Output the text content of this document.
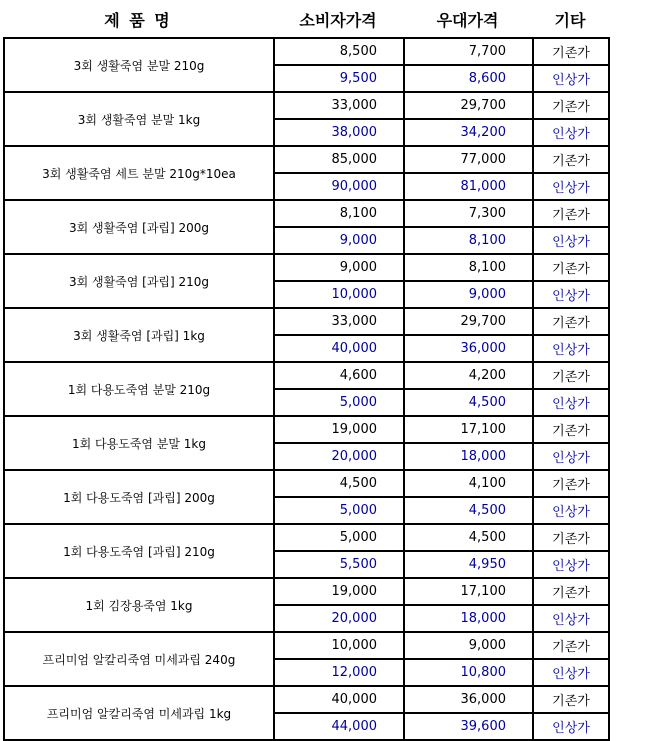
제 품 명	소비자가격	우대가격	기타
3회 생활죽염 분말 210g	8,500	7,700	기존가
	9,500	8,600	인상가
3회 생활죽염 분말 1kg	33,000	29,700	기존가
	38,000	34,200	인상가
3회 생활죽염 세트 분말 210g*10ea	85,000	77,000	기존가
	90,000	81,000	인상가
3회 생활죽염 [과립] 200g	8,100	7,300	기존가
	9,000	8,100	인상가
3회 생활죽염 [과립] 210g	9,000	8,100	기존가
	10,000	9,000	인상가
3회 생활죽염 [과립] 1kg	33,000	29,700	기존가
	40,000	36,000	인상가
1회 다용도죽염 분말 210g	4,600	4,200	기존가
	5,000	4,500	인상가
1회 다용도죽염 분말 1kg	19,000	17,100	기존가
	20,000	18,000	인상가
1회 다용도죽염 [과립] 200g	4,500	4,100	기존가
	5,000	4,500	인상가
1회 다용도죽염 [과립] 210g	5,000	4,500	기존가
	5,500	4,950	인상가
1회 김장용죽염 1kg	19,000	17,100	기존가
	20,000	18,000	인상가
프리미엄 알칼리죽염 미세과립 240g	10,000	9,000	기존가
	12,000	10,800	인상가
프리미엄 알칼리죽염 미세과립 1kg	40,000	36,000	기존가
	44,000	39,600	인상가
